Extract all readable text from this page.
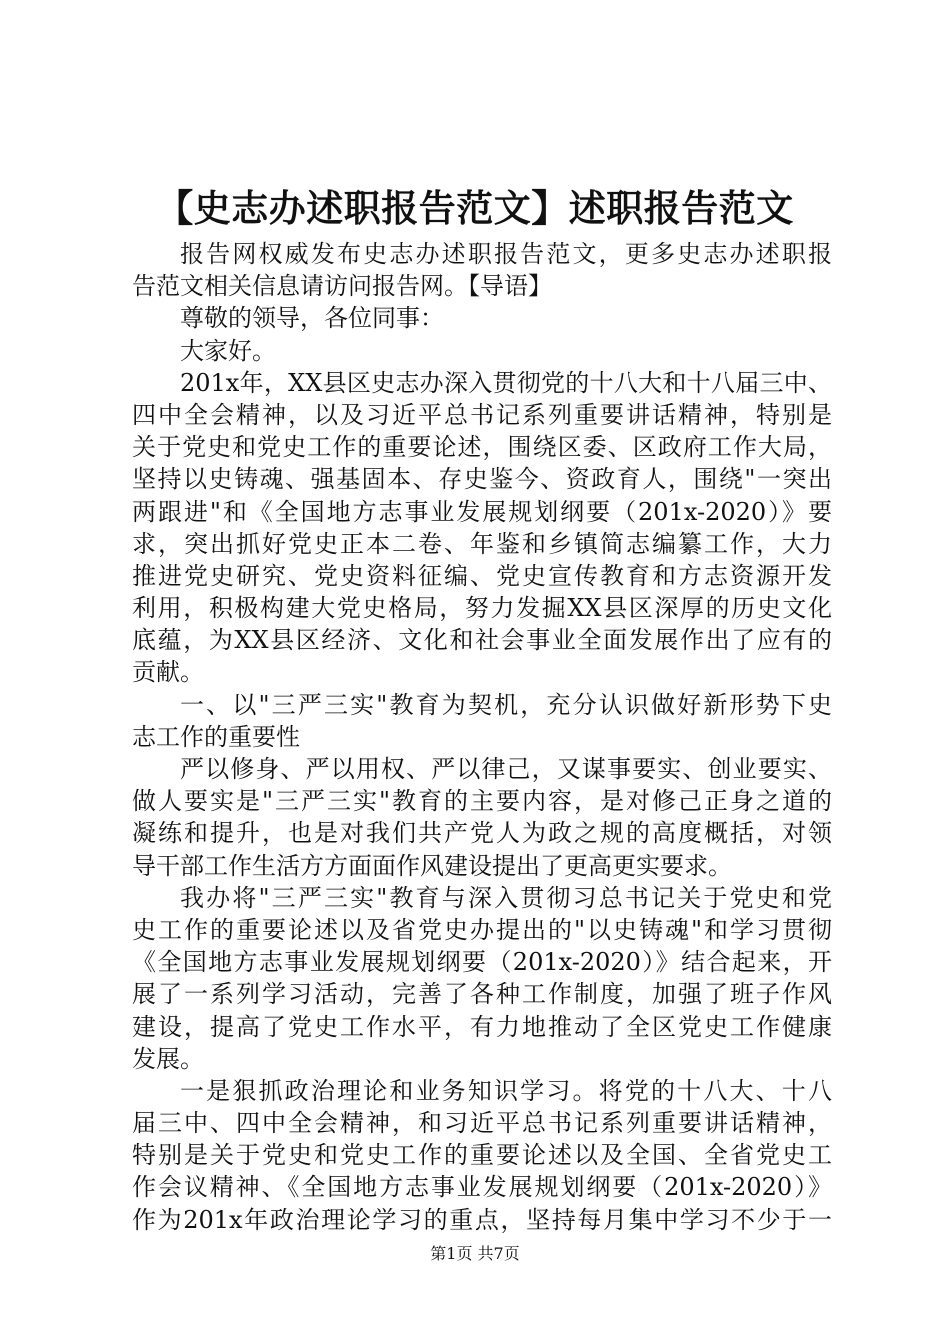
【史志办述职报告范文】述职报告范文
报告网权威发布史志办述职报告范文，更多史志办述职报
告范文相关信息请访问报告网。【导语】
尊敬的领导，各位同事：
大家好。
201x年，XX县区史志办深入贯彻党的十八大和十八届三中、
四中全会精神，以及习近平总书记系列重要讲话精神，特别是
关于党史和党史工作的重要论述，围绕区委、区政府工作大局，
坚持以史铸魂、强基固本、存史鉴今、资政育人，围绕"一突出
两跟进"和《全国地方志事业发展规划纲要（201x-2020）》要
求，突出抓好党史正本二卷、年鉴和乡镇简志编纂工作，大力
推进党史研究、党史资料征编、党史宣传教育和方志资源开发
利用，积极构建大党史格局，努力发掘XX县区深厚的历史文化
底蕴，为XX县区经济、文化和社会事业全面发展作出了应有的
贡献。
一、以"三严三实"教育为契机，充分认识做好新形势下史
志工作的重要性
严以修身、严以用权、严以律己，又谋事要实、创业要实、
做人要实是"三严三实"教育的主要内容，是对修己正身之道的
凝练和提升，也是对我们共产党人为政之规的高度概括，对领
导干部工作生活方方面面作风建设提出了更高更实要求。
我办将"三严三实"教育与深入贯彻习总书记关于党史和党
史工作的重要论述以及省党史办提出的"以史铸魂"和学习贯彻
《全国地方志事业发展规划纲要（201x-2020）》结合起来，开
展了一系列学习活动，完善了各种工作制度，加强了班子作风
建设，提高了党史工作水平，有力地推动了全区党史工作健康
发展。
一是狠抓政治理论和业务知识学习。将党的十八大、十八
届三中、四中全会精神，和习近平总书记系列重要讲话精神，
特别是关于党史和党史工作的重要论述以及全国、全省党史工
作会议精神、《全国地方志事业发展规划纲要（201x-2020）》
作为201x年政治理论学习的重点，坚持每月集中学习不少于一
第1页 共7页
